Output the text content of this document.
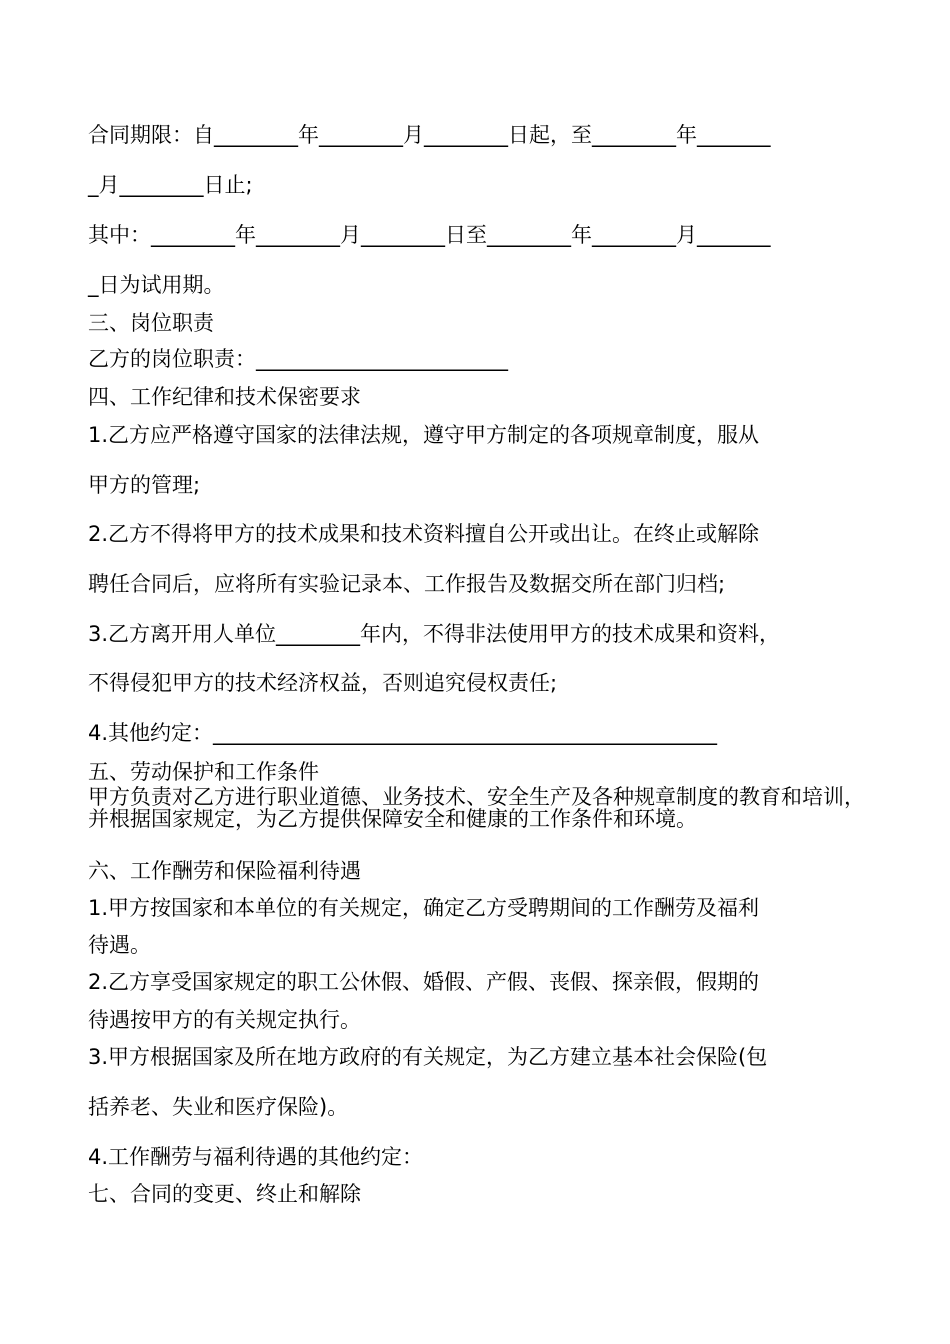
合同期限：自________年________月________日起，至________年_______
_月________日止;
其中：________年________月________日至________年________月_______
_日为试用期。
三、岗位职责
乙方的岗位职责：________________________
四、工作纪律和技术保密要求
1.乙方应严格遵守国家的法律法规，遵守甲方制定的各项规章制度，服从
甲方的管理;
2.乙方不得将甲方的技术成果和技术资料擅自公开或出让。在终止或解除
聘任合同后，应将所有实验记录本、工作报告及数据交所在部门归档;
3.乙方离开用人单位________年内，不得非法使用甲方的技术成果和资料，
不得侵犯甲方的技术经济权益，否则追究侵权责任;
4.其他约定：________________________________________________
五、劳动保护和工作条件
甲方负责对乙方进行职业道德、业务技术、安全生产及各种规章制度的教育和培训，并根据国家规定，为乙方提供保障安全和健康的工作条件和环境。
六、工作酬劳和保险福利待遇
1.甲方按国家和本单位的有关规定，确定乙方受聘期间的工作酬劳及福利
待遇。
2.乙方享受国家规定的职工公休假、婚假、产假、丧假、探亲假，假期的
待遇按甲方的有关规定执行。
3.甲方根据国家及所在地方政府的有关规定，为乙方建立基本社会保险(包
括养老、失业和医疗保险)。
4.工作酬劳与福利待遇的其他约定：
七、合同的变更、终止和解除
